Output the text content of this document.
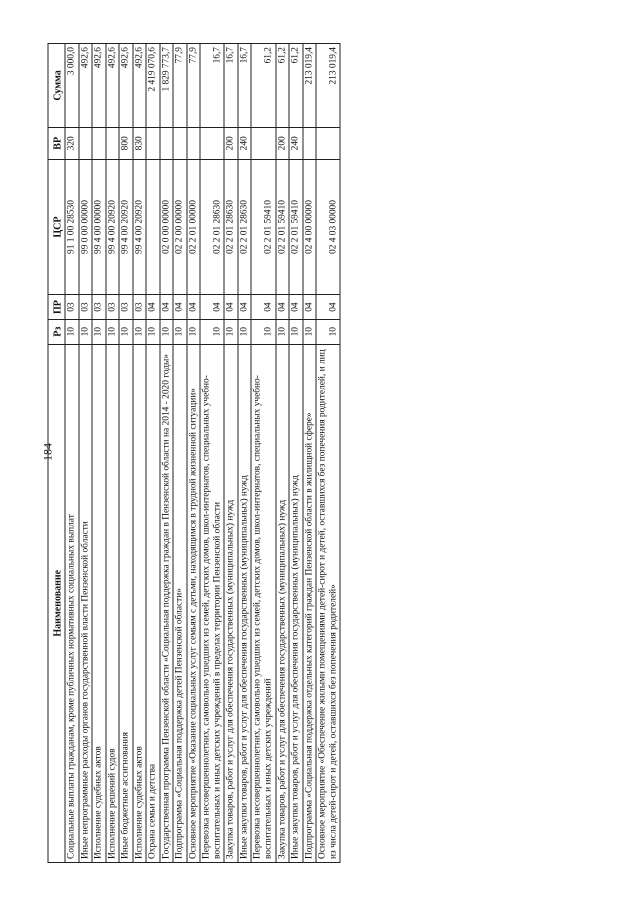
184
Наименование	Рз	ПР	ЦСР	ВР	Сумма
Социальные выплаты гражданам, кроме публичных нормативных социальных выплат	10	03	91 1 00 28530	320	3 000,0
Иные непрограммные расходы органов государственной власти Пензенской области	10	03	99 0 00 00000		492,6
Исполнение судебных актов	10	03	99 4 00 00000		492,6
Исполнение решений судов	10	03	99 4 00 20920		492,6
Иные бюджетные ассигнования	10	03	99 4 00 20920	800	492,6
Исполнение судебных актов	10	03	99 4 00 20920	830	492,6
Охрана семьи и детства	10	04			2 419 070,6
Государственная программа Пензенской области «Социальная поддержка граждан в Пензенской области на 2014 - 2020 годы»	10	04	02 0 00 00000		1 829 773,7
Подпрограмма «Социальная поддержка детей Пензенской области»	10	04	02 2 00 00000		77,9
Основное мероприятие «Оказание социальных услуг семьям с детьми, находящимся в трудной жизненной ситуации»	10	04	02 2 01 00000		77,9
Перевозка несовершеннолетних, самовольно ушедших из семей, детских домов, школ-интернатов, специальных учебно-воспитательных и иных детских учреждений в пределах территории Пензенской области	10	04	02 2 01 28630		16,7
Закупка товаров, работ и услуг для обеспечения государственных (муниципальных) нужд	10	04	02 2 01 28630	200	16,7
Иные закупки товаров, работ и услуг для обеспечения государственных (муниципальных) нужд	10	04	02 2 01 28630	240	16,7
Перевозка несовершеннолетних, самовольно ушедших из семей, детских домов, школ-интернатов, специальных учебно-воспитательных и иных детских учреждений	10	04	02 2 01 59410		61,2
Закупка товаров, работ и услуг для обеспечения государственных (муниципальных) нужд	10	04	02 2 01 59410	200	61,2
Иные закупки товаров, работ и услуг для обеспечения государственных (муниципальных) нужд	10	04	02 2 01 59410	240	61,2
Подпрограмма «Социальная поддержка отдельных категорий граждан Пензенской области в жилищной сфере»	10	04	02 4 00 00000		213 019,4
Основное мероприятие «Обеспечение жилыми помещениями детей-сирот и детей, оставшихся без попечения родителей, и лиц из числа детей-сирот и детей, оставшихся без попечения родителей»	10	04	02 4 03 00000		213 019,4
